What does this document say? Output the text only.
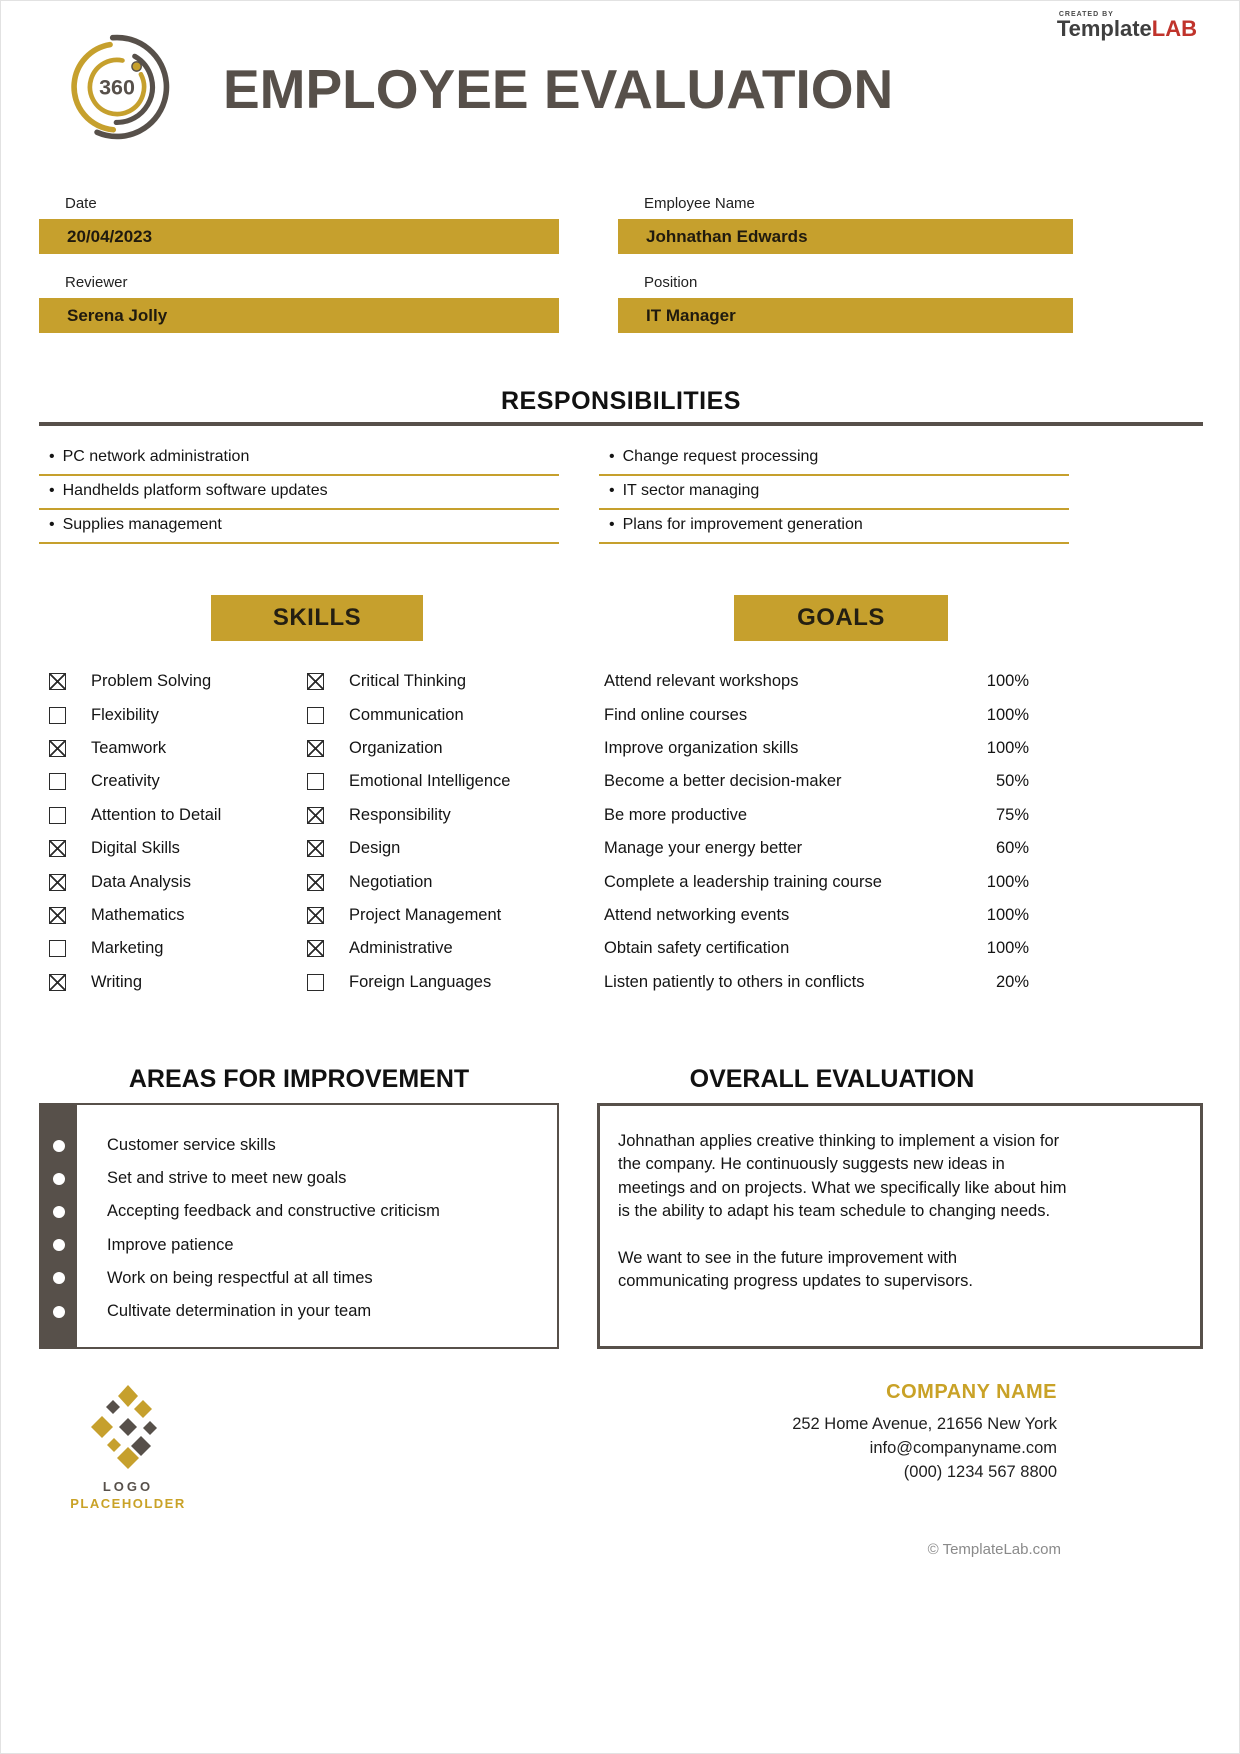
CREATED BY
TemplateLAB
360 EMPLOYEE EVALUATION
Date
20/04/2023
Employee Name
Johnathan Edwards
Reviewer
Serena Jolly
Position
IT Manager
RESPONSIBILITIES
• PC network administration
• Handhelds platform software updates
• Supplies management
• Change request processing
• IT sector managing
• Plans for improvement generation
SKILLS	GOALS
Problem Solving
Flexibility
Teamwork
Creativity
Attention to Detail
Digital Skills
Data Analysis
Mathematics
Marketing
Writing
Critical Thinking
Communication
Organization
Emotional Intelligence
Responsibility
Design
Negotiation
Project Management
Administrative
Foreign Languages
Attend relevant workshops	100%
Find online courses	100%
Improve organization skills	100%
Become a better decision-maker	50%
Be more productive	75%
Manage your energy better	60%
Complete a leadership training course	100%
Attend networking events	100%
Obtain safety certification	100%
Listen patiently to others in conflicts	20%
AREAS FOR IMPROVEMENT
Customer service skills
Set and strive to meet new goals
Accepting feedback and constructive criticism
Improve patience
Work on being respectful at all times
Cultivate determination in your team
OVERALL EVALUATION

Johnathan applies creative thinking to implement a vision for the company. He continuously suggests new ideas in meetings and on projects. What we specifically like about him is the ability to adapt his team schedule to changing needs.

We want to see in the future improvement with communicating progress updates to supervisors.

LOGO
PLACEHOLDER
COMPANY NAME
252 Home Avenue, 21656 New York
info@companyname.com
(000) 1234 567 8800
© TemplateLab.com
